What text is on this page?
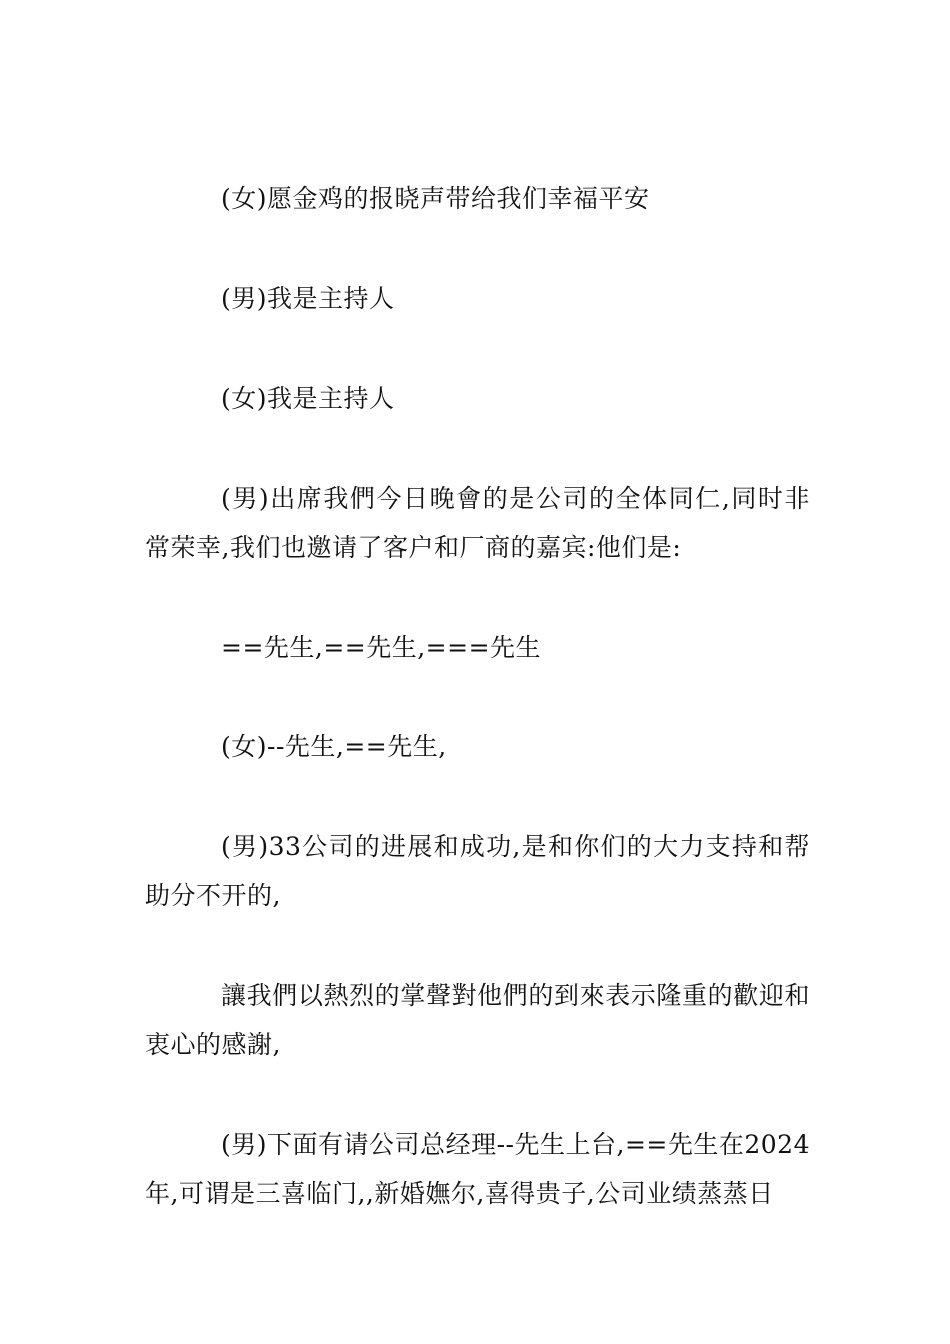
(女)愿金鸡的报晓声带给我们幸福平安

(男)我是主持人

(女)我是主持人

(男)出席我們今日晚會的是公司的全体同仁,同时非常荣幸,我们也邀请了客户和厂商的嘉宾:他们是:

==先生,==先生,===先生

(女)--先生,==先生,

(男)33公司的进展和成功,是和你们的大力支持和帮助分不开的,

讓我們以熱烈的掌聲對他們的到來表示隆重的歡迎和衷心的感謝,

(男)下面有请公司总经理--先生上台,==先生在2024年,可谓是三喜临门,,新婚嫵尔,喜得贵子,公司业绩蒸蒸日
